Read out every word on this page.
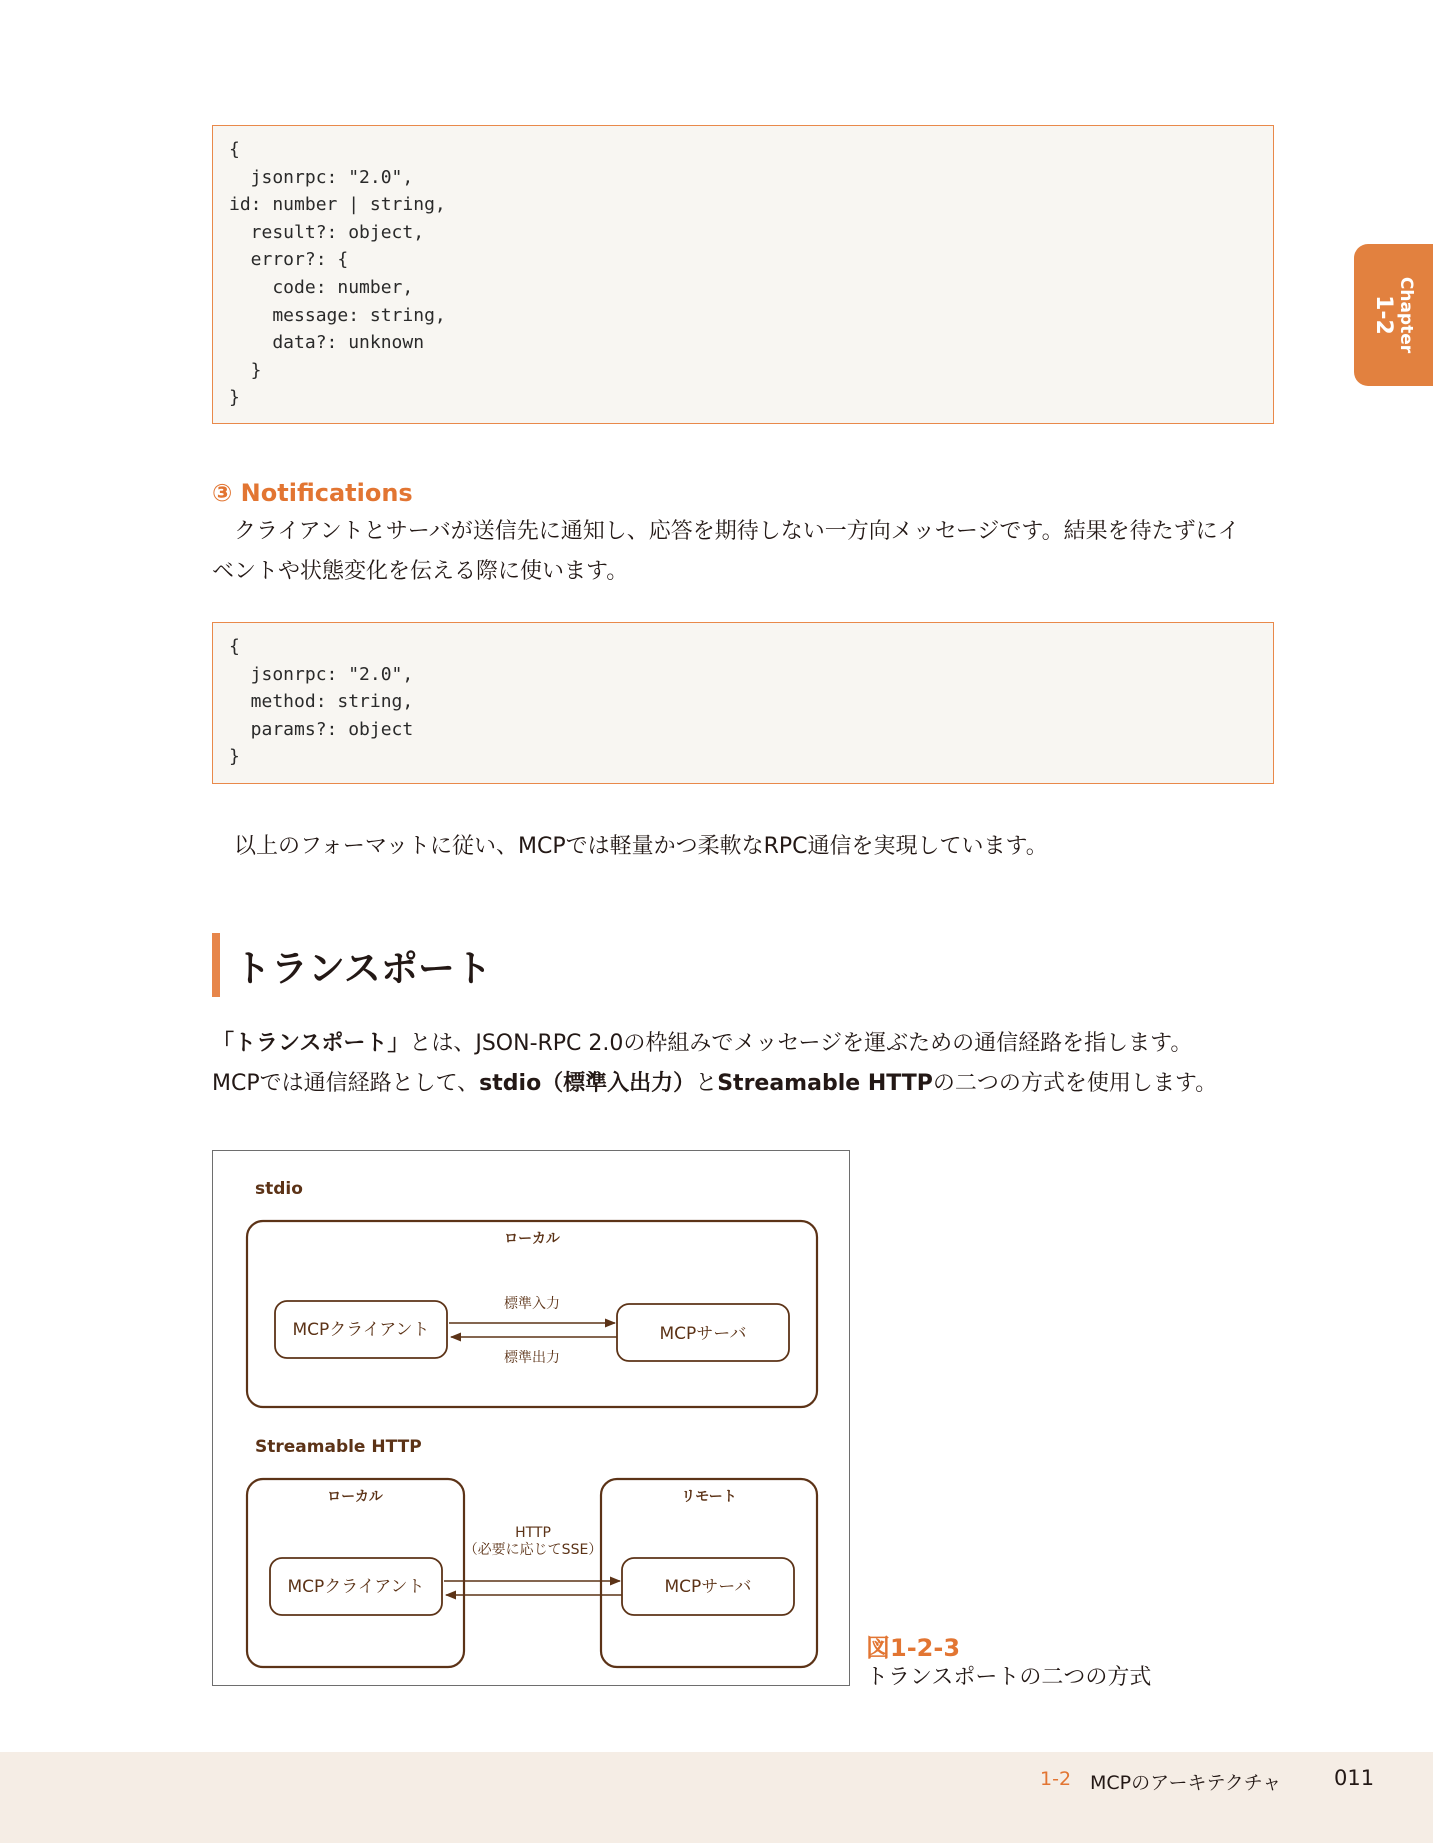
{
jsonrpc: "2.0",
id: number | string,
result?: object,
error?: {
code: number,
message: string,
data?: unknown
}
}
Chapter
1-2
③ Notifications
　クライアントとサーバが送信先に通知し、応答を期待しない一方向メッセージです。結果を待たずにイ
ベントや状態変化を伝える際に使います。
{
jsonrpc: "2.0",
method: string,
params?: object
}
　以上のフォーマットに従い、MCPでは軽量かつ柔軟なRPC通信を実現しています。
トランスポート
「トランスポート」とは、JSON-RPC 2.0の枠組みでメッセージを運ぶための通信経路を指します。
MCPでは通信経路として、stdio（標準入出力）とStreamable HTTPの二つの方式を使用します。
stdio
ローカル
MCPクライアント	MCPサーバ
標準入力
標準出力
Streamable HTTP
ローカル	リモート
MCPクライアント	MCPサーバ
HTTP
（必要に応じてSSE）
図1-2-3
トランスポートの二つの方式
1-2 MCPのアーキテクチャ	011
